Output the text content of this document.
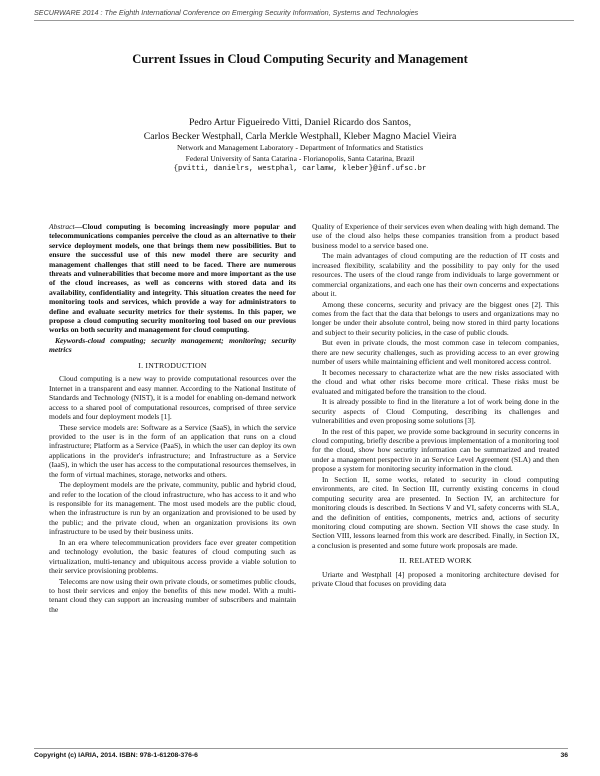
SECURWARE 2014 : The Eighth International Conference on Emerging Security Information, Systems and Technologies
Current Issues in Cloud Computing Security and Management
Pedro Artur Figueiredo Vitti, Daniel Ricardo dos Santos,
Carlos Becker Westphall, Carla Merkle Westphall, Kleber Magno Maciel Vieira
Network and Management Laboratory - Department of Informatics and Statistics
Federal University of Santa Catarina - Florianopolis, Santa Catarina, Brazil
{pvitti, danielrs, westphal, carlamw, kleber}@inf.ufsc.br

Abstract—Cloud computing is becoming increasingly more popular and telecommunications companies perceive the cloud as an alternative to their service deployment models, one that brings them new possibilities. But to ensure the successful use of this new model there are security and management challenges that still need to be faced. There are numerous threats and vulnerabilities that become more and more important as the use of the cloud increases, as well as concerns with stored data and its availability, confidentiality and integrity. This situation creates the need for monitoring tools and services, which provide a way for administrators to define and evaluate security metrics for their systems. In this paper, we propose a cloud computing security monitoring tool based on our previous works on both security and management for cloud computing.

Keywords-cloud computing; security management; monitoring; security metrics

I. INTRODUCTION

Cloud computing is a new way to provide computational resources over the Internet in a transparent and easy manner. According to the National Institute of Standards and Technology (NIST), it is a model for enabling on-demand network access to a shared pool of computational resources, comprised of three service models and four deployment models [1].

These service models are: Software as a Service (SaaS), in which the service provided to the user is in the form of an application that runs on a cloud infrastructure; Platform as a Service (PaaS), in which the user can deploy its own applications in the provider's infrastructure; and Infrastructure as a Service (IaaS), in which the user has access to the computational resources themselves, in the form of virtual machines, storage, networks and others.

The deployment models are the private, community, public and hybrid cloud, and refer to the location of the cloud infrastructure, who has access to it and who is responsible for its management. The most used models are the public cloud, when the infrastructure is run by an organization and provisioned to be used by the public; and the private cloud, when an organization provisions its own infrastructure to be used by their business units.

In an era where telecommunication providers face ever greater competition and technology evolution, the basic features of cloud computing such as virtualization, multi-tenancy and ubiquitous access provide a viable solution to their service provisioning problems.

Telecoms are now using their own private clouds, or sometimes public clouds, to host their services and enjoy the benefits of this new model. With a multi-tenant cloud they can support an increasing number of subscribers and maintain the

Quality of Experience of their services even when dealing with high demand. The use of the cloud also helps these companies transition from a product based business model to a service based one.

The main advantages of cloud computing are the reduction of IT costs and increased flexibility, scalability and the possibility to pay only for the used resources. The users of the cloud range from individuals to large government or commercial organizations, and each one has their own concerns and expectations about it.

Among these concerns, security and privacy are the biggest ones [2]. This comes from the fact that the data that belongs to users and organizations may no longer be under their absolute control, being now stored in third party locations and subject to their security policies, in the case of public clouds.

But even in private clouds, the most common case in telecom companies, there are new security challenges, such as providing access to an ever growing number of users while maintaining efficient and well monitored access control.

It becomes necessary to characterize what are the new risks associated with the cloud and what other risks become more critical. These risks must be evaluated and mitigated before the transition to the cloud.

It is already possible to find in the literature a lot of work being done in the security aspects of Cloud Computing, describing its challenges and vulnerabilities and even proposing some solutions [3].

In the rest of this paper, we provide some background in security concerns in cloud computing, briefly describe a previous implementation of a monitoring tool for the cloud, show how security information can be summarized and treated under a management perspective in an Service Level Agreement (SLA) and then propose a system for monitoring security information in the cloud.

In Section II, some works, related to security in cloud computing environments, are cited. In Section III, currently existing concerns in cloud computing security area are presented. In Section IV, an architecture for monitoring clouds is described. In Sections V and VI, safety concerns with SLA, and the definition of entities, components, metrics and, actions of security monitoring cloud computing are shown. Section VII shows the case study. In Section VIII, lessons learned from this work are described. Finally, in Section IX, a conclusion is presented and some future work proposals are made.

II. RELATED WORK

Uriarte and Westphall [4] proposed a monitoring architecture devised for private Cloud that focuses on providing data

Copyright (c) IARIA, 2014. ISBN: 978-1-61208-376-6	36
